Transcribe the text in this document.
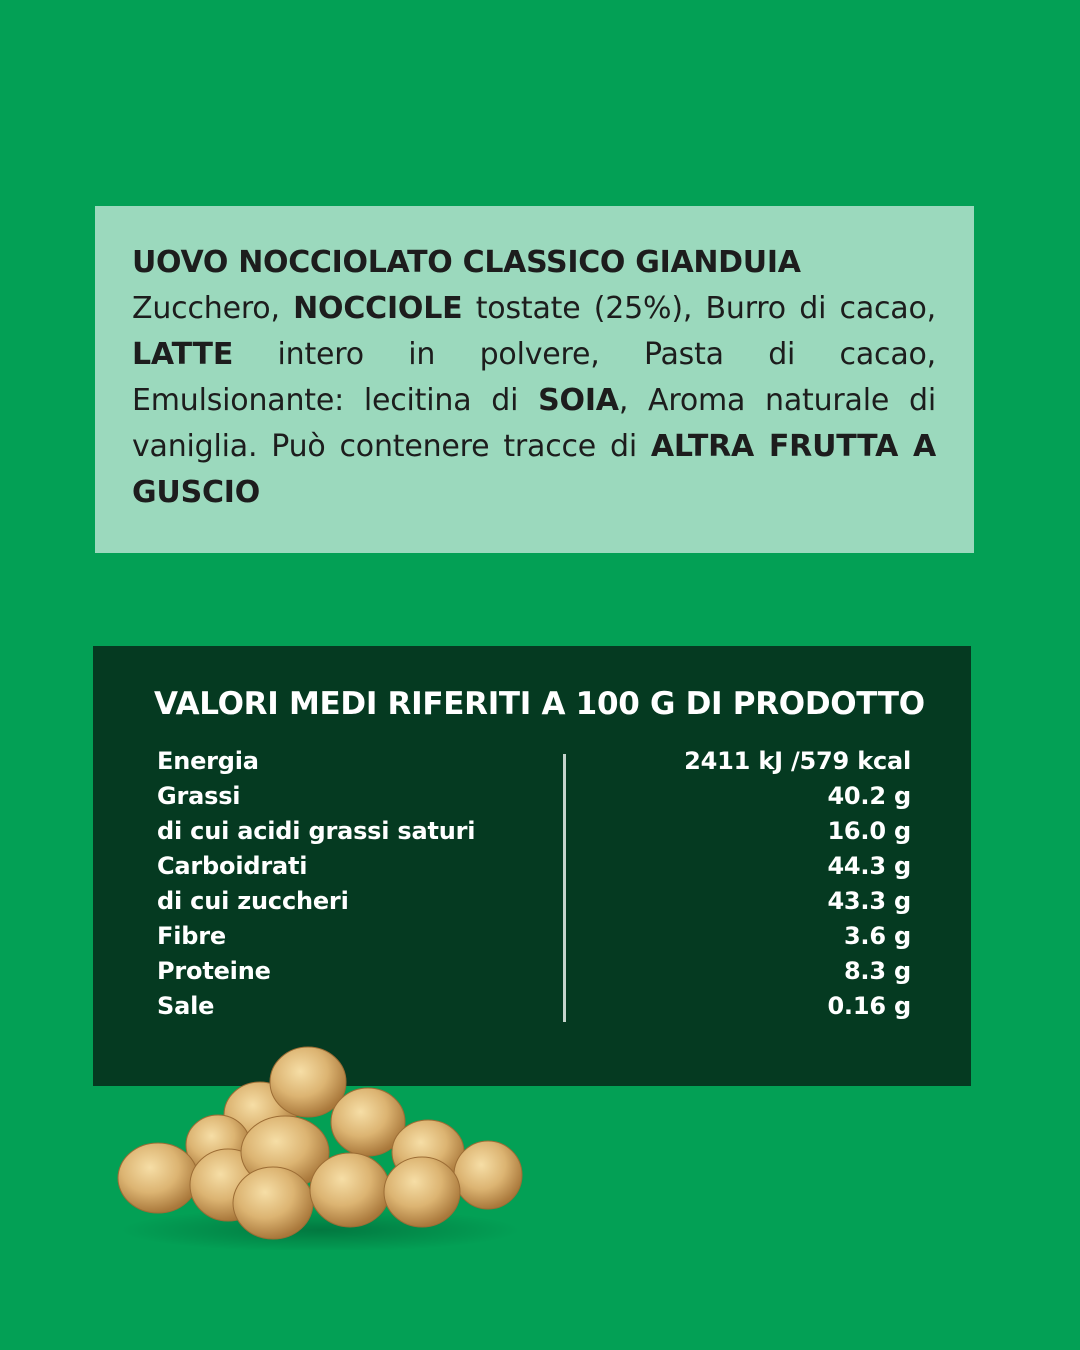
UOVO NOCCIOLATO CLASSICO GIANDUIA
Zucchero, NOCCIOLE tostate (25%), Burro di cacao, LATTE intero in polvere, Pasta di cacao, Emulsionante: lecitina di SOIA, Aroma naturale di vaniglia. Può contenere tracce di ALTRA FRUTTA A GUSCIO
VALORI MEDI RIFERITI A 100 G DI PRODOTTO
Energia
Grassi
di cui acidi grassi saturi
Carboidrati
di cui zuccheri
Fibre
Proteine
Sale
2411 kJ /579 kcal
40.2 g
16.0 g
44.3 g
43.3 g
3.6 g
8.3 g
0.16 g
